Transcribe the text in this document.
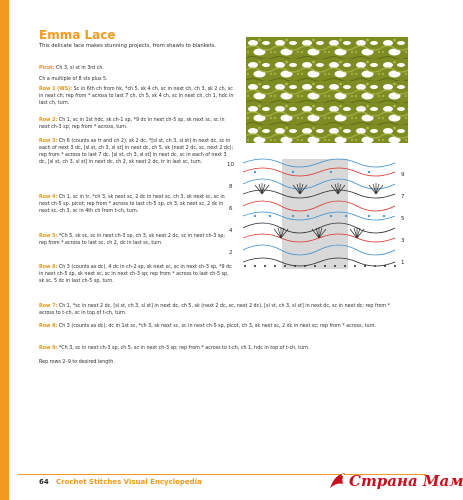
Emma Lace

This delicate lace makes stunning projects, from shawls to blankets.

Picot: Ch 3, sl st in 3rd ch.

Ch a multiple of 8 sts plus 5.

Row 1 (WS): Sc in 6th ch from hk, *ch 5, sk 4 ch, sc in next ch, ch 3, sk 2 ch, sc in next ch; rep from * across to last 7 ch, ch 5, sk 4 ch, sc in next ch, ch 1, hdc in last ch, turn.

Row 2: Ch 1, sc in 1st hdc, sk ch-1 sp, *9 dc in next ch-5 sp, sk next sc, sc in next ch-3 sp; rep from * across, turn.

Row 3: Ch 6 (counts as tr and ch 2), sk 2 dc, *[sl st, ch 3, sl st] in next dc, sc in each of next 3 dc, [sl st, ch 3, sl st] in next dc, ch 5, sk (next 2 dc, sc, next 2 dc); rep from * across to last 7 dc, [sl st, ch 3, sl st] in next dc, sc in each of next 3 dc, [sl st, ch 3, sl st] in next dc, ch 2, sk next 2 dc, tr in last sc, turn.

Row 4: Ch 1, sc in tr, *ch 3, sk next sc, 2 dc in next sc, ch 3, sk next sc, sc in next ch-5 sp, picot; rep from * across to last ch-5 sp, ch 3, sk next sc, 2 dc in next sc, ch 3, sc in 4th ch from t-ch, turn.

Row 5: *Ch 5, sk sc, sc in next ch-3 sp, ch 3, sk next 2 dc, sc in next ch-3 sp; rep from * across to last sc, ch 2, dc in last sc, turn.

Row 6: Ch 3 (counts as dc), 4 dc in ch-2 sp, sk next sc, sc in next ch-3 sp, *9 dc in next ch-5 sp, sk next sc, sc in next ch-3 sp; rep from * across to last ch-5 sp, sk sc, 5 dc in last ch-5 sp, turn.

Row 7: Ch 1, *sc in next 2 dc, [sl st, ch 3, sl st] in next dc, ch 5, sk (next 2 dc, sc, next 2 dc), [sl st, ch 3, sl st] in next dc, sc in next dc; rep from * across to t-ch, sc in top of t-ch, turn.

Row 8: Ch 3 (counts as dc), dc in 1st sc, *ch 3, sk next sc, sc in next ch-5 sp, picot, ch 3, sk next sc, 2 dc in next sc; rep from * across, turn.

Row 9: *Ch 3, sc in next ch-3 sp, ch 5, sc in next ch-3 sp; rep from * across to t-ch, ch 1, hdc in top of t-ch, turn.

Rep rows 2–9 to desired length.

10
8
6
4
2
9
7
5
3
1
64 Crochet Stitches Visual Encyclopedia	Страна Мам
